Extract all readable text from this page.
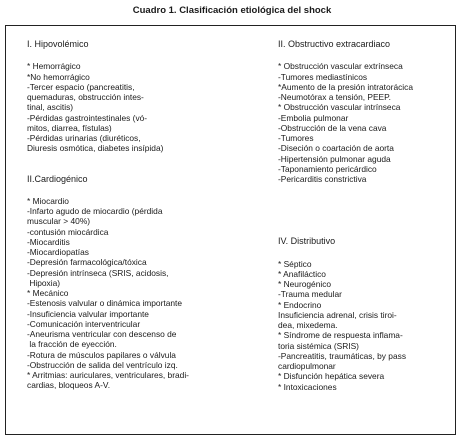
Cuadro 1. Clasificación etiológica del shock
I. Hipovolémico
* Hemorrágico
*No hemorrágico
-Tercer espacio (pancreatitis,
quemaduras, obstrucción intes-
tinal, ascitis)
-Pérdidas gastrointestinales (vó-
mitos, diarrea, fístulas)
-Pérdidas urinarias (diuréticos,
Diuresis osmótica, diabetes insípida)
II.Cardiogénico
* Miocardio
-Infarto agudo de miocardio (pérdida
muscular > 40%)
-contusión miocárdica
-Miocarditis
-Miocardiopatías
-Depresión farmacológica/tóxica
-Depresión intrínseca (SRIS, acidosis,
Hipoxia)
* Mecánico
-Estenosis valvular o dinámica importante
-Insuficiencia valvular importante
-Comunicación interventricular
-Aneurisma ventricular con descenso de
la fracción de eyección.
-Rotura de músculos papilares o válvula
-Obstrucción de salida del ventrículo izq.
* Arritmias: auriculares, ventriculares, bradi-
cardias, bloqueos A-V.
II. Obstructivo extracardiaco
* Obstrucción vascular extrínseca
-Tumores mediastínicos
*Aumento de la presión intratorácica
-Neumotórax a tensión, PEEP.
* Obstrucción vascular intrínseca
-Embolia pulmonar
-Obstrucción de la vena cava
-Tumores
-Diseción o coartación de aorta
-Hipertensión pulmonar aguda
-Taponamiento pericárdico
-Pericarditis constrictiva
IV. Distributivo
* Séptico
* Anafiláctico
* Neurogénico
-Trauma medular
* Endocrino
Insuficiencia adrenal, crisis tiroi-
dea, mixedema.
* Síndrome de respuesta inflama-
toria sistémica (SRIS)
-Pancreatitis, traumáticas, by pass
cardiopulmonar
* Disfunción hepática severa
* Intoxicaciones
